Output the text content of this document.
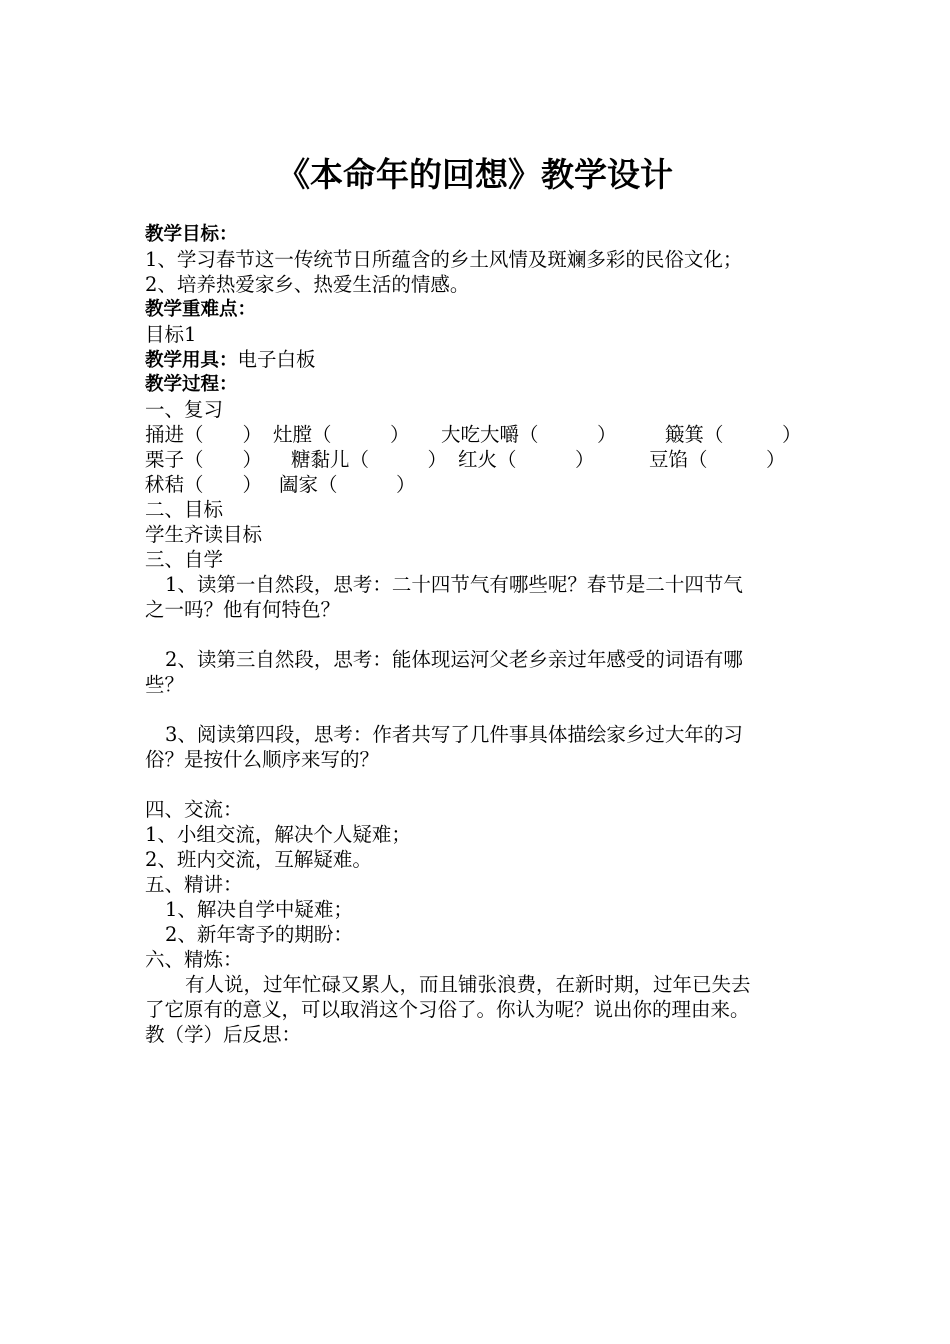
《本命年的回想》教学设计
教学目标：
1、学习春节这一传统节日所蕴含的乡土风情及斑斓多彩的民俗文化；
2、培养热爱家乡、热爱生活的情感。
教学重难点：
目标1
教学用具：电子白板
教学过程：
一、复习
捅进（　　） 灶膛（　　　） 大吃大嚼（　　　） 簸箕（　　　）
栗子（　　） 糖黏儿（　　　） 红火（　　　）	豆馅（　　　）
秫秸（　　） 阖家（　　　）
二、目标
学生齐读目标
三、自学
1、读第一自然段，思考：二十四节气有哪些呢？春节是二十四节气
之一吗？他有何特色？
2、读第三自然段，思考：能体现运河父老乡亲过年感受的词语有哪
些？
3、阅读第四段，思考：作者共写了几件事具体描绘家乡过大年的习
俗？是按什么顺序来写的？
四、交流：
1、小组交流，解决个人疑难；
2、班内交流，互解疑难。
五、精讲：
1、解决自学中疑难；
2、新年寄予的期盼：
六、精炼：
有人说，过年忙碌又累人，而且铺张浪费，在新时期，过年已失去
了它原有的意义，可以取消这个习俗了。你认为呢？说出你的理由来。
教（学）后反思：
